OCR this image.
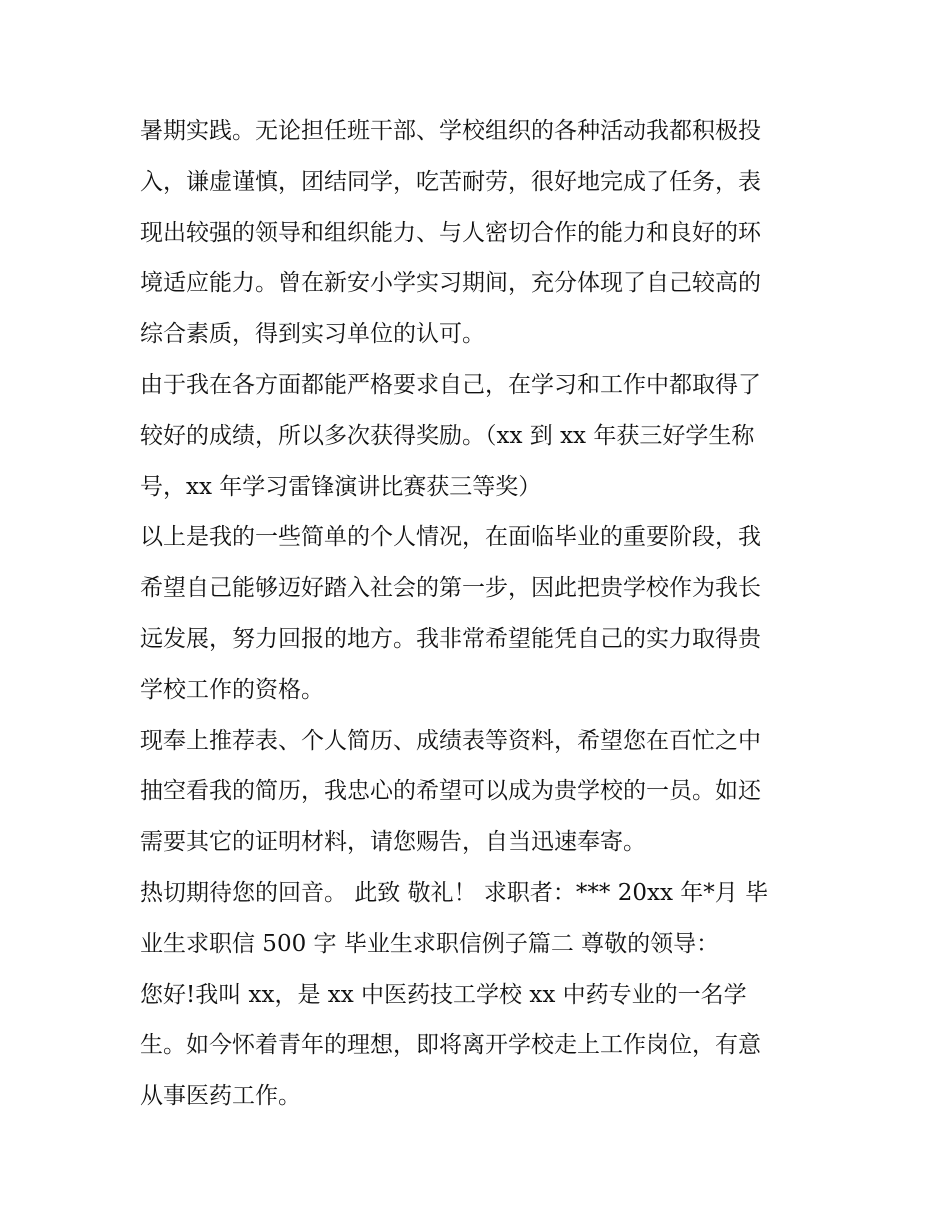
暑期实践。无论担任班干部、学校组织的各种活动我都积极投
入，谦虚谨慎，团结同学，吃苦耐劳，很好地完成了任务，表
现出较强的领导和组织能力、与人密切合作的能力和良好的环
境适应能力。曾在新安小学实习期间，充分体现了自己较高的
综合素质，得到实习单位的认可。
由于我在各方面都能严格要求自己，在学习和工作中都取得了
较好的成绩，所以多次获得奖励。（xx 到 xx 年获三好学生称
号，xx 年学习雷锋演讲比赛获三等奖）
以上是我的一些简单的个人情况，在面临毕业的重要阶段，我
希望自己能够迈好踏入社会的第一步，因此把贵学校作为我长
远发展，努力回报的地方。我非常希望能凭自己的实力取得贵
学校工作的资格。
现奉上推荐表、个人简历、成绩表等资料，希望您在百忙之中
抽空看我的简历，我忠心的希望可以成为贵学校的一员。如还
需要其它的证明材料，请您赐告，自当迅速奉寄。
热切期待您的回音。 此致 敬礼！ 求职者：*** 20xx 年*月 毕
业生求职信 500 字 毕业生求职信例子篇二 尊敬的领导：
您好!我叫 xx，是 xx 中医药技工学校 xx 中药专业的一名学
生。如今怀着青年的理想，即将离开学校走上工作岗位，有意
从事医药工作。
